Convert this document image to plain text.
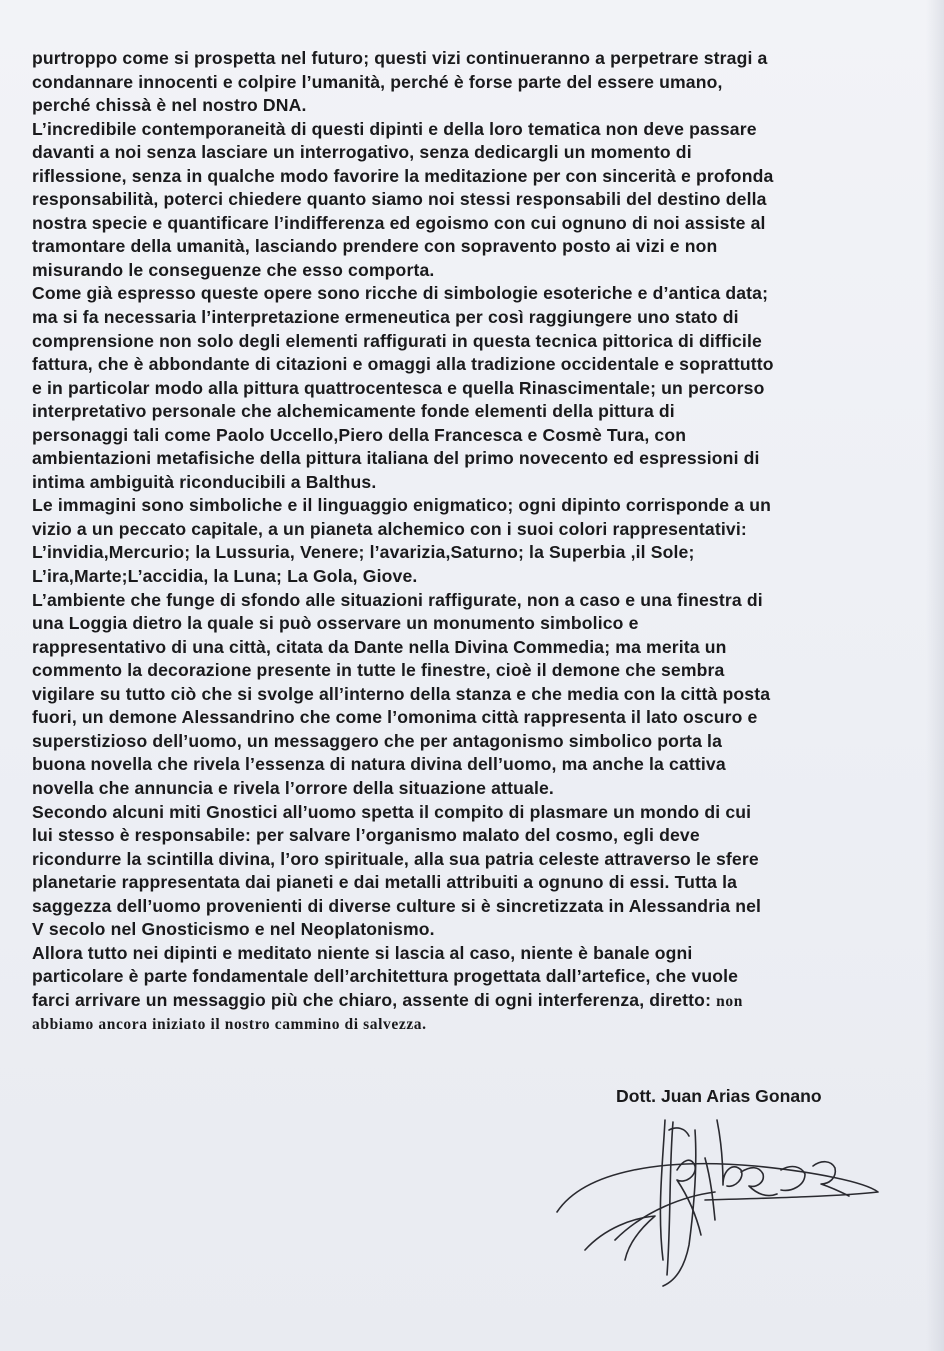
purtroppo come si prospetta nel futuro; questi vizi continueranno a perpetrare stragi a
condannare innocenti e colpire l’umanità, perché è forse parte del essere umano,
perché chissà è nel nostro DNA.
L’incredibile contemporaneità di questi dipinti e della loro tematica non deve passare
davanti a noi senza lasciare un interrogativo, senza dedicargli un momento di
riflessione, senza in qualche modo favorire la meditazione per con sincerità e profonda
responsabilità, poterci chiedere quanto siamo noi stessi responsabili del destino della
nostra specie e quantificare l’indifferenza ed egoismo con cui ognuno di noi assiste al
tramontare della umanità, lasciando prendere con sopravento posto ai vizi e non
misurando le conseguenze che esso comporta.
Come già espresso queste opere sono ricche di simbologie esoteriche e d’antica data;
ma si fa necessaria l’interpretazione ermeneutica per così raggiungere uno stato di
comprensione non solo degli elementi raffigurati in questa tecnica pittorica di difficile
fattura, che è abbondante di citazioni e omaggi alla tradizione occidentale e soprattutto
e in particolar modo alla pittura quattrocentesca e quella Rinascimentale; un percorso
interpretativo personale che alchemicamente fonde elementi della pittura di
personaggi tali come Paolo Uccello,Piero della Francesca e Cosmè Tura, con
ambientazioni metafisiche della pittura italiana del primo novecento ed espressioni di
intima ambiguità riconducibili a Balthus.
Le immagini sono simboliche e il linguaggio enigmatico; ogni dipinto corrisponde a un
vizio a un peccato capitale, a un pianeta alchemico con i suoi colori rappresentativi:
L’invidia,Mercurio; la Lussuria, Venere; l’avarizia,Saturno; la Superbia ,il Sole;
L’ira,Marte;L’accidia, la Luna; La Gola, Giove.
L’ambiente che funge di sfondo alle situazioni raffigurate, non a caso e una finestra di
una Loggia dietro la quale si può osservare un monumento simbolico e
rappresentativo di una città, citata da Dante nella Divina Commedia; ma merita un
commento la decorazione presente in tutte le finestre, cioè il demone che sembra
vigilare su tutto ciò che si svolge all’interno della stanza e che media con la città posta
fuori, un demone Alessandrino che come l’omonima città rappresenta il lato oscuro e
superstizioso dell’uomo, un messaggero che per antagonismo simbolico porta la
buona novella che rivela l’essenza di natura divina dell’uomo, ma anche la cattiva
novella che annuncia e rivela l’orrore della situazione attuale.
Secondo alcuni miti Gnostici all’uomo spetta il compito di plasmare un mondo di cui
lui stesso è responsabile: per salvare l’organismo malato del cosmo, egli deve
ricondurre la scintilla divina, l’oro spirituale, alla sua patria celeste attraverso le sfere
planetarie rappresentata dai pianeti e dai metalli attribuiti a ognuno di essi. Tutta la
saggezza dell’uomo provenienti di diverse culture si è sincretizzata in Alessandria nel
V secolo nel Gnosticismo e nel Neoplatonismo.
Allora tutto nei dipinti e meditato niente si lascia al caso, niente è banale ogni
particolare è parte fondamentale dell’architettura progettata dall’artefice, che vuole
farci arrivare un messaggio più che chiaro, assente di ogni interferenza, diretto: non
abbiamo ancora iniziato il nostro cammino di salvezza.
Dott. Juan Arias Gonano
